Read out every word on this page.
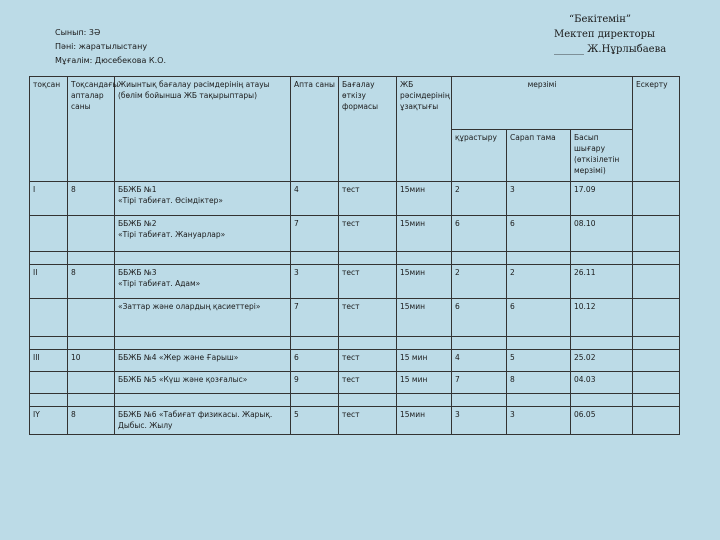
Сынып: 3Ә
Пәні: жаратылыстану
Мұғалім: Дюсебекова К.О.
“Бекітемін”
Мектеп директоры
______ Ж.Нұрлыбаева
тоқсан	Тоқсандағы апталар саны	Жиынтық бағалау рәсімдерінің атауы (бөлім бойынша ЖБ тақырыптары)	Апта саны	Бағалау өткізу формасы	ЖБ рәсімдерінің ұзақтығы	мерзімі			Ескерту
						құрастыру	Сарап тама	Басып шығару (өткізілетін мерзімі)	
I	8	ББЖБ №1
«Тірі табиғат. Өсімдіктер»	4	тест	15мин	2	3	17.09	
		ББЖБ №2
«Тірі табиғат. Жануарлар»	7	тест	15мин	6	6	08.10	

II	8	ББЖБ №3
«Тірі табиғат. Адам»	3	тест	15мин	2	2	26.11	
		«Заттар және олардың қасиеттері»	7	тест	15мин	6	6	10.12	

III	10	ББЖБ №4 «Жер және Ғарыш»	6	тест	15 мин	4	5	25.02	
		ББЖБ №5 «Күш және қозғалыс»	9	тест	15 мин	7	8	04.03	

IY	8	ББЖБ №6 «Табиғат физикасы. Жарық. Дыбыс. Жылу	5	тест	15мин	3	3	06.05	
